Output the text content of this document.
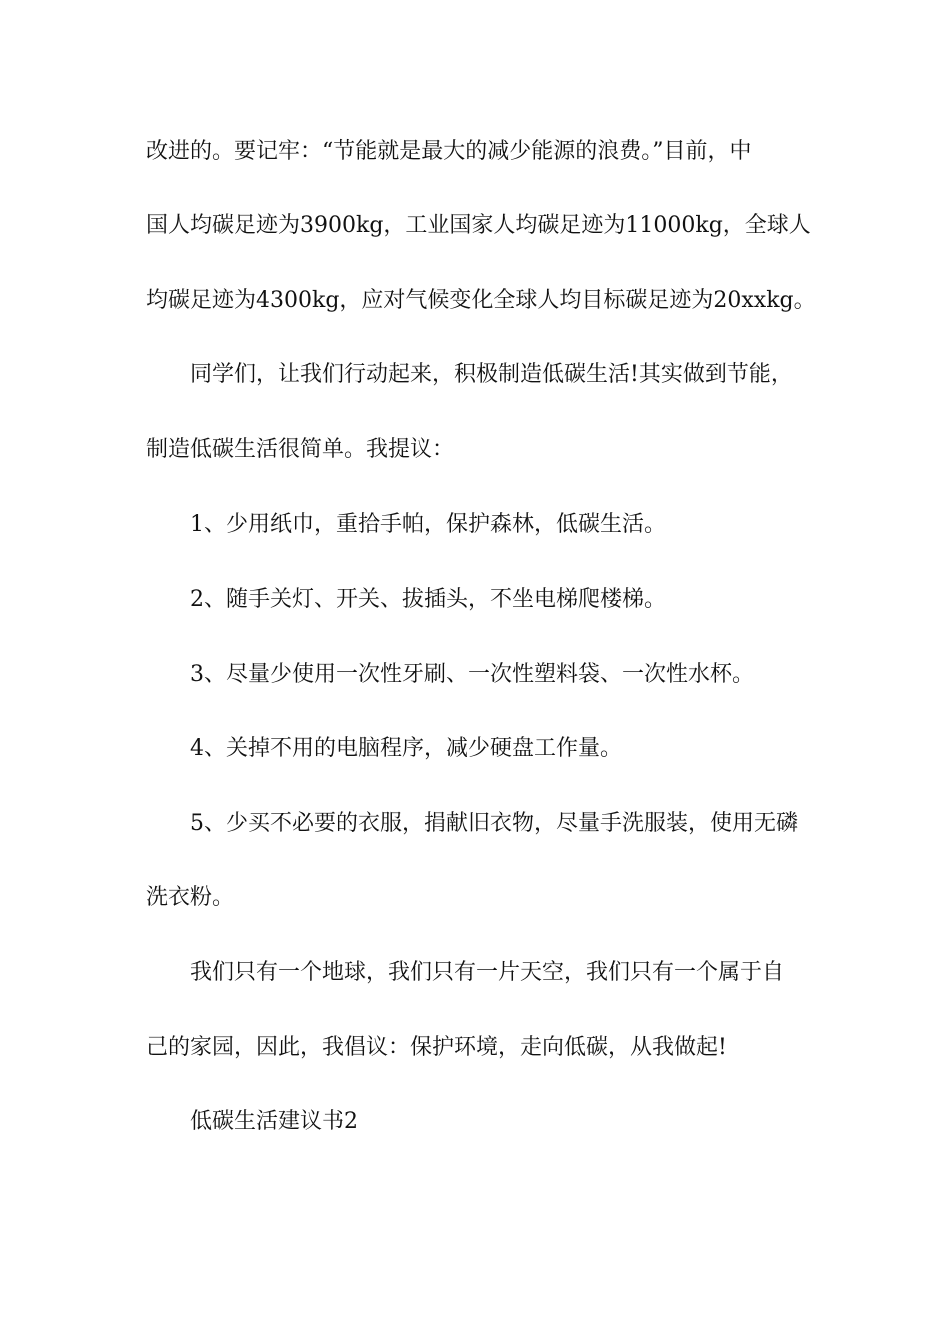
改进的。要记牢：“节能就是最大的减少能源的浪费。”目前，中

国人均碳足迹为3900kg，工业国家人均碳足迹为11000kg，全球人

均碳足迹为4300kg，应对气候变化全球人均目标碳足迹为20xxkg。

同学们，让我们行动起来，积极制造低碳生活!其实做到节能，

制造低碳生活很简单。我提议：

1、少用纸巾，重拾手帕，保护森林，低碳生活。

2、随手关灯、开关、拔插头，不坐电梯爬楼梯。

3、尽量少使用一次性牙刷、一次性塑料袋、一次性水杯。

4、关掉不用的电脑程序，减少硬盘工作量。

5、少买不必要的衣服，捐献旧衣物，尽量手洗服装，使用无磷

洗衣粉。

我们只有一个地球，我们只有一片天空，我们只有一个属于自

己的家园，因此，我倡议：保护环境，走向低碳，从我做起!

低碳生活建议书2
